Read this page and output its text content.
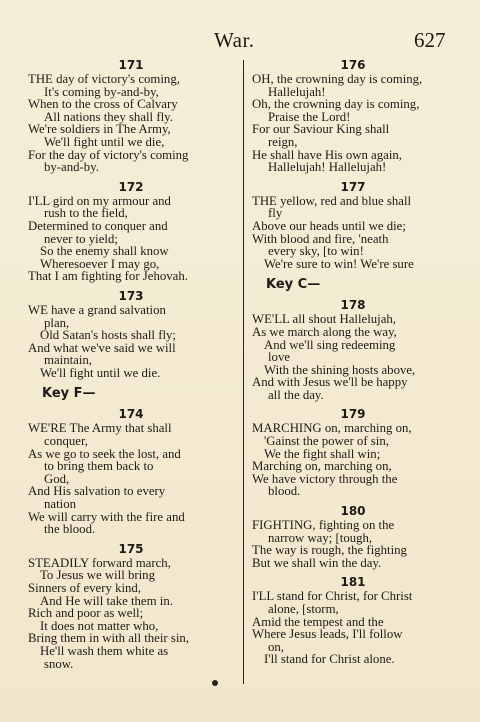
War.	627
171
THE day of victory's coming,
It's coming by-and-by,
When to the cross of Calvary
All nations they shall fly.
We're soldiers in The Army,
We'll fight until we die,
For the day of victory's coming
by-and-by.
172
I'LL gird on my armour and
rush to the field,
Determined to conquer and
never to yield;
So the enemy shall know
Wheresoever I may go,
That I am fighting for Jehovah.
173
WE have a grand salvation
plan,
Old Satan's hosts shall fly;
And what we've said we will
maintain,
We'll fight until we die.
Key F—
174
WE'RE The Army that shall
conquer,
As we go to seek the lost, and
to bring them back to
God,
And His salvation to every
nation
We will carry with the fire and
the blood.
175
STEADILY forward march,
To Jesus we will bring
Sinners of every kind,
And He will take them in.
Rich and poor as well;
It does not matter who,
Bring them in with all their sin,
He'll wash them white as
snow.
176
OH, the crowning day is coming,
Hallelujah!
Oh, the crowning day is coming,
Praise the Lord!
For our Saviour King shall
reign,
He shall have His own again,
Hallelujah! Hallelujah!
177
THE yellow, red and blue shall
fly
Above our heads until we die;
With blood and fire, 'neath
every sky, [to win!
We're sure to win! We're sure
Key C—
178
WE'LL all shout Hallelujah,
As we march along the way,
And we'll sing redeeming
love
With the shining hosts above,
And with Jesus we'll be happy
all the day.
179
MARCHING on, marching on,
'Gainst the power of sin,
We the fight shall win;
Marching on, marching on,
We have victory through the
blood.
180
FIGHTING, fighting on the
narrow way; [tough,
The way is rough, the fighting
But we shall win the day.
181
I'LL stand for Christ, for Christ
alone, [storm,
Amid the tempest and the
Where Jesus leads, I'll follow
on,
I'll stand for Christ alone.
